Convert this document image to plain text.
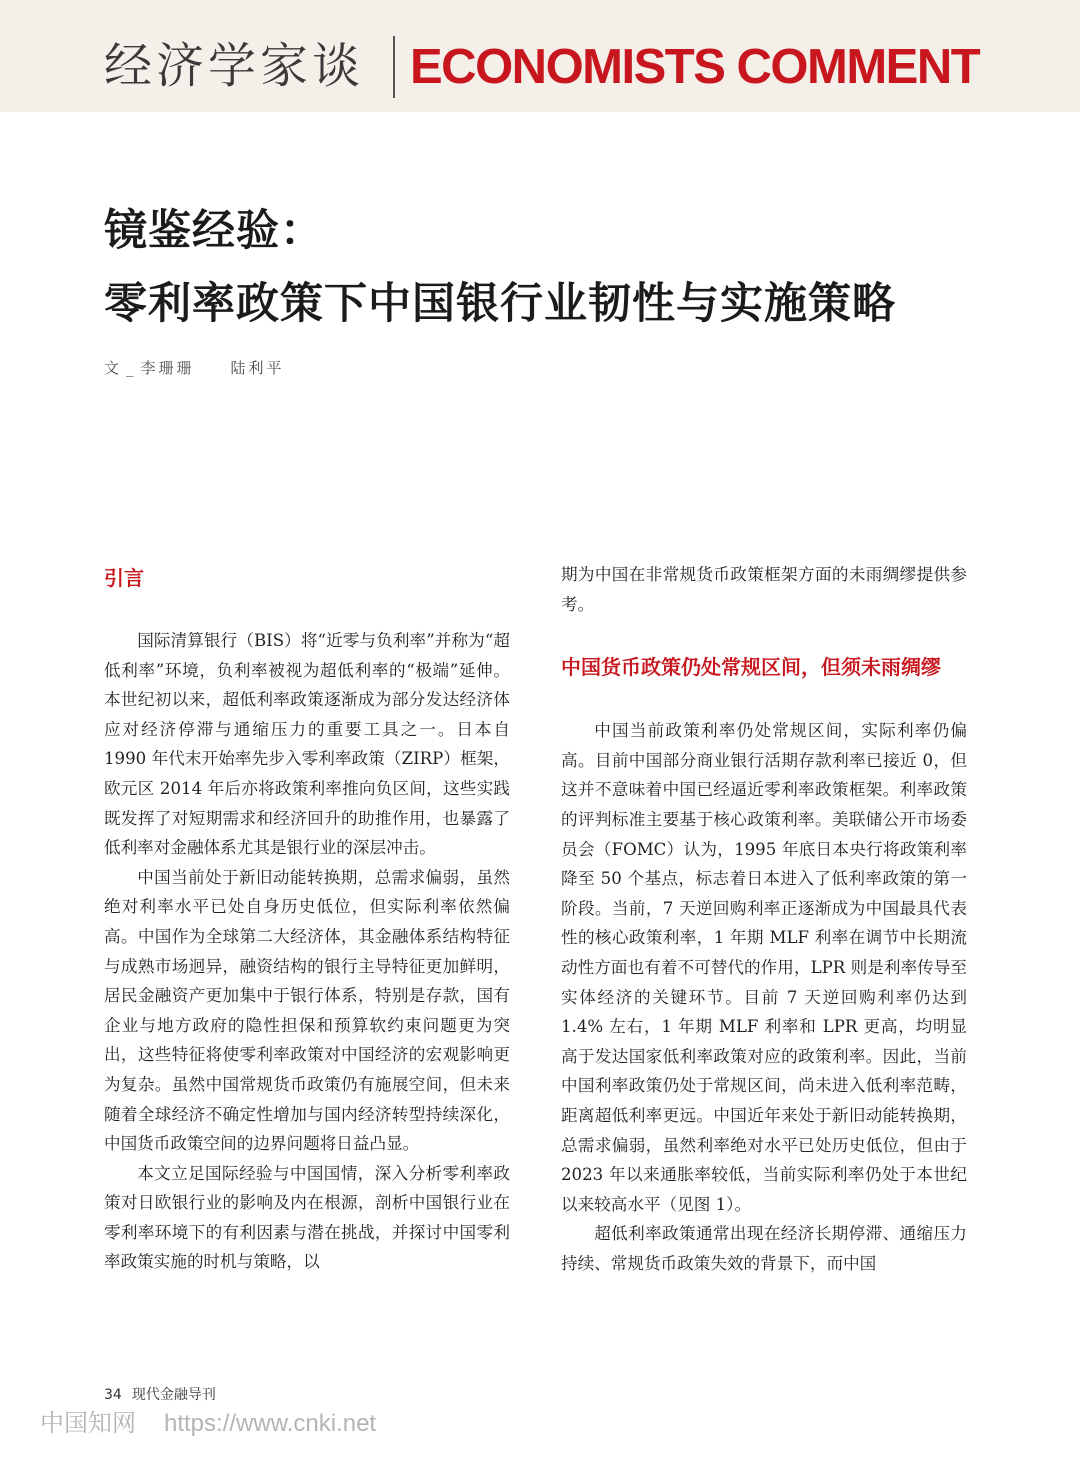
经济学家谈 ECONOMISTS COMMENT
镜鉴经验：
零利率政策下中国银行业韧性与实施策略
文 _ 李珊珊 陆利平
引言

国际清算银行（BIS）将“近零与负利率”并称为“超低利率”环境，负利率被视为超低利率的“极端”延伸。本世纪初以来，超低利率政策逐渐成为部分发达经济体应对经济停滞与通缩压力的重要工具之一。日本自 1990 年代末开始率先步入零利率政策（ZIRP）框架，欧元区 2014 年后亦将政策利率推向负区间，这些实践既发挥了对短期需求和经济回升的助推作用，也暴露了低利率对金融体系尤其是银行业的深层冲击。

中国当前处于新旧动能转换期，总需求偏弱，虽然绝对利率水平已处自身历史低位，但实际利率依然偏高。中国作为全球第二大经济体，其金融体系结构特征与成熟市场迥异，融资结构的银行主导特征更加鲜明，居民金融资产更加集中于银行体系，特别是存款，国有企业与地方政府的隐性担保和预算软约束问题更为突出，这些特征将使零利率政策对中国经济的宏观影响更为复杂。虽然中国常规货币政策仍有施展空间，但未来随着全球经济不确定性增加与国内经济转型持续深化，中国货币政策空间的边界问题将日益凸显。

本文立足国际经验与中国国情，深入分析零利率政策对日欧银行业的影响及内在根源，剖析中国银行业在零利率环境下的有利因素与潜在挑战，并探讨中国零利率政策实施的时机与策略，以

期为中国在非常规货币政策框架方面的未雨绸缪提供参考。

中国货币政策仍处常规区间，但须未雨绸缪

中国当前政策利率仍处常规区间，实际利率仍偏高。目前中国部分商业银行活期存款利率已接近 0，但这并不意味着中国已经逼近零利率政策框架。利率政策的评判标准主要基于核心政策利率。美联储公开市场委员会（FOMC）认为，1995 年底日本央行将政策利率降至 50 个基点，标志着日本进入了低利率政策的第一阶段。当前，7 天逆回购利率正逐渐成为中国最具代表性的核心政策利率，1 年期 MLF 利率在调节中长期流动性方面也有着不可替代的作用，LPR 则是利率传导至实体经济的关键环节。目前 7 天逆回购利率仍达到 1.4% 左右，1 年期 MLF 利率和 LPR 更高，均明显高于发达国家低利率政策对应的政策利率。因此，当前中国利率政策仍处于常规区间，尚未进入低利率范畴，距离超低利率更远。中国近年来处于新旧动能转换期，总需求偏弱，虽然利率绝对水平已处历史低位，但由于 2023 年以来通胀率较低，当前实际利率仍处于本世纪以来较高水平（见图 1）。

超低利率政策通常出现在经济长期停滞、通缩压力持续、常规货币政策失效的背景下，而中国

34 现代金融导刊
中国知网 https://www.cnki.net
